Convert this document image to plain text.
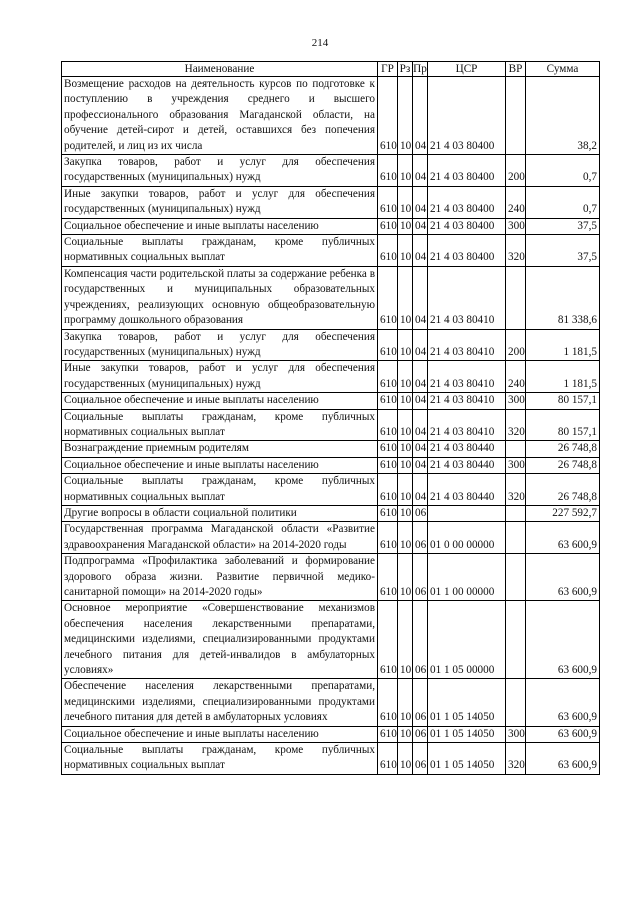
214
Наименование	ГР	Рз	Пр	ЦСР	ВР	Сумма
Возмещение расходов на деятельность курсов по подготовке к поступлению в учреждения среднего и высшего профессионального образования Магаданской области, на обучение детей-сирот и детей, оставшихся без попечения родителей, и лиц из их числа	610	10	04	21 4 03 80400		38,2
Закупка товаров, работ и услуг для обеспечения государственных (муниципальных) нужд	610	10	04	21 4 03 80400	200	0,7
Иные закупки товаров, работ и услуг для обеспечения государственных (муниципальных) нужд	610	10	04	21 4 03 80400	240	0,7
Социальное обеспечение и иные выплаты населению	610	10	04	21 4 03 80400	300	37,5
Социальные выплаты гражданам, кроме публичных нормативных социальных выплат	610	10	04	21 4 03 80400	320	37,5
Компенсация части родительской платы за содержание ребенка в государственных и муниципальных образовательных учреждениях, реализующих основную общеобразовательную программу дошкольного образования	610	10	04	21 4 03 80410		81 338,6
Закупка товаров, работ и услуг для обеспечения государственных (муниципальных) нужд	610	10	04	21 4 03 80410	200	1 181,5
Иные закупки товаров, работ и услуг для обеспечения государственных (муниципальных) нужд	610	10	04	21 4 03 80410	240	1 181,5
Социальное обеспечение и иные выплаты населению	610	10	04	21 4 03 80410	300	80 157,1
Социальные выплаты гражданам, кроме публичных нормативных социальных выплат	610	10	04	21 4 03 80410	320	80 157,1
Вознаграждение приемным родителям	610	10	04	21 4 03 80440		26 748,8
Социальное обеспечение и иные выплаты населению	610	10	04	21 4 03 80440	300	26 748,8
Социальные выплаты гражданам, кроме публичных нормативных социальных выплат	610	10	04	21 4 03 80440	320	26 748,8
Другие вопросы в области социальной политики	610	10	06			227 592,7
Государственная программа Магаданской области «Развитие здравоохранения Магаданской области» на 2014-2020 годы	610	10	06	01 0 00 00000		63 600,9
Подпрограмма «Профилактика заболеваний и формирование здорового образа жизни. Развитие первичной медико-санитарной помощи» на 2014-2020 годы»	610	10	06	01 1 00 00000		63 600,9
Основное мероприятие «Совершенствование механизмов обеспечения населения лекарственными препаратами, медицинскими изделиями, специализированными продуктами лечебного питания для детей-инвалидов в амбулаторных условиях»	610	10	06	01 1 05 00000		63 600,9
Обеспечение населения лекарственными препаратами, медицинскими изделиями, специализированными продуктами лечебного питания для детей в амбулаторных условиях	610	10	06	01 1 05 14050		63 600,9
Социальное обеспечение и иные выплаты населению	610	10	06	01 1 05 14050	300	63 600,9
Социальные выплаты гражданам, кроме публичных нормативных социальных выплат	610	10	06	01 1 05 14050	320	63 600,9
